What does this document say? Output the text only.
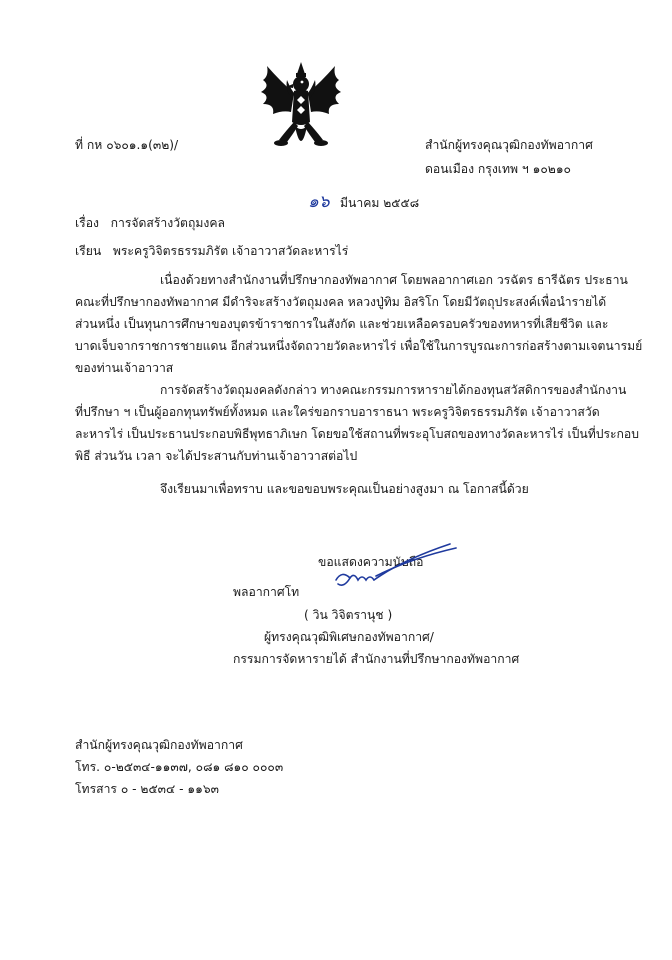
ที่ กห ๐๖๐๑.๑(๓๒)/	สำนักผู้ทรงคุณวุฒิกองทัพอากาศ
ดอนเมือง กรุงเทพ ฯ ๑๐๒๑๐
๑๖ มีนาคม ๒๕๕๘
เรื่อง การจัดสร้างวัตถุมงคล
เรียน พระครูวิจิตรธรรมภิรัต เจ้าอาวาสวัดละหารไร่
เนื่องด้วยทางสำนักงานที่ปรึกษากองทัพอากาศ โดยพลอากาศเอก วรฉัตร ธารีฉัตร ประธาน
คณะที่ปรึกษากองทัพอากาศ มีดำริจะสร้างวัตถุมงคล หลวงปู่ทิม อิสริโก โดยมีวัตถุประสงค์เพื่อนำรายได้
ส่วนหนึ่ง เป็นทุนการศึกษาของบุตรข้าราชการในสังกัด และช่วยเหลือครอบครัวของทหารที่เสียชีวิต และ
บาดเจ็บจากราชการชายแดน อีกส่วนหนึ่งจัดถวายวัดละหารไร่ เพื่อใช้ในการบูรณะการก่อสร้างตามเจตนารมย์
ของท่านเจ้าอาวาส
การจัดสร้างวัตถุมงคลดังกล่าว ทางคณะกรรมการหารายได้กองทุนสวัสดิการของสำนักงาน
ที่ปรึกษา ฯ เป็นผู้ออกทุนทรัพย์ทั้งหมด และใคร่ขอกราบอาราธนา พระครูวิจิตรธรรมภิรัต เจ้าอาวาสวัด
ละหารไร่ เป็นประธานประกอบพิธีพุทธาภิเษก โดยขอใช้สถานที่พระอุโบสถของทางวัดละหารไร่ เป็นที่ประกอบ
พิธี ส่วนวัน เวลา จะได้ประสานกับท่านเจ้าอาวาสต่อไป
จึงเรียนมาเพื่อทราบ และขอขอบพระคุณเป็นอย่างสูงมา ณ โอกาสนี้ด้วย
ขอแสดงความนับถือ
พลอากาศโท
( วิน วิจิตรานุช )
ผู้ทรงคุณวุฒิพิเศษกองทัพอากาศ/
กรรมการจัดหารายได้ สำนักงานที่ปรึกษากองทัพอากาศ
สำนักผู้ทรงคุณวุฒิกองทัพอากาศ
โทร. ๐-๒๕๓๔-๑๑๓๗, ๐๘๑ ๘๑๐ ๐๐๐๓
โทรสาร ๐ - ๒๕๓๔ - ๑๑๖๓
